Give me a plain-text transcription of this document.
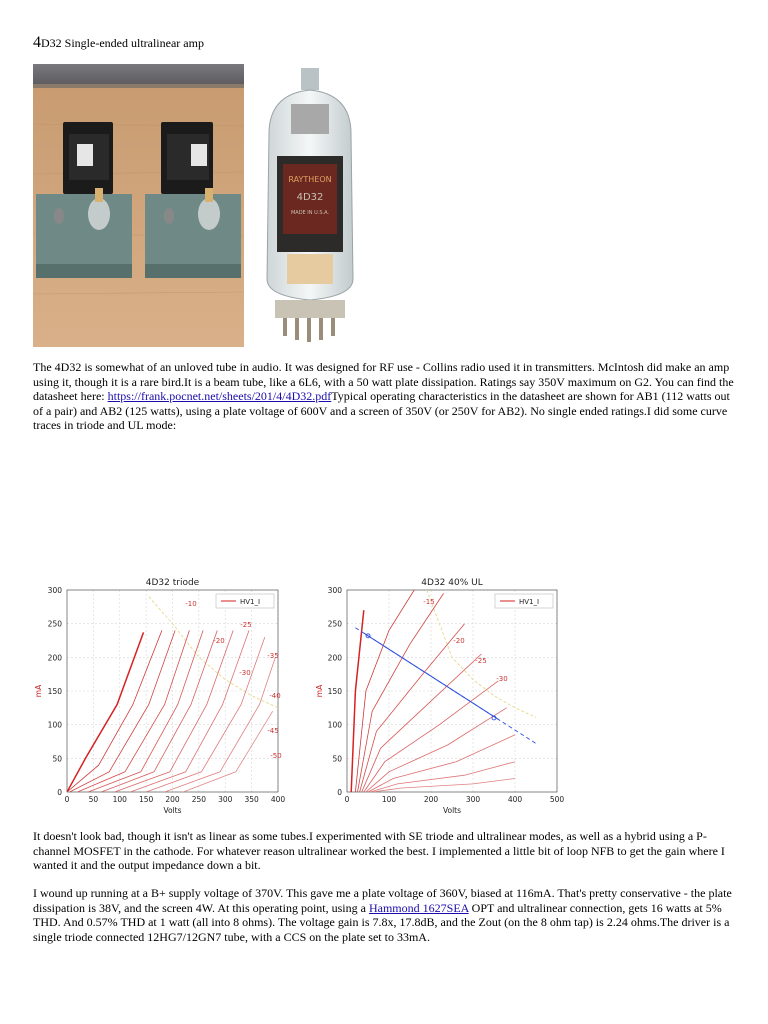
4D32 Single-ended ultralinear amp
RAYTHEON
4D32
MADE IN U.S.A.

The 4D32 is somewhat of an unloved tube in audio. It was designed for RF use - Collins radio used it in transmitters. McIntosh did make an amp using it, though it is a rare bird.It is a beam tube, like a 6L6, with a 50 watt plate dissipation. Ratings say 350V maximum on G2. You can find the datasheet here: https://frank.pocnet.net/sheets/201/4/4D32.pdfTypical operating characteristics in the datasheet are shown for AB1 (112 watts out of a pair) and AB2 (125 watts), using a plate voltage of 600V and a screen of 350V (or 250V for AB2). No single ended ratings.I did some curve traces in triode and UL mode:

4D32 triode
0	50 100 150 200 250 300 350 400
0
50
100
150
200
250
300
Volts
mA
-10
-25
-20
-35
-30
-40
-45
-50
HV1_I
4D32 40% UL
0	100	200	300	400	500
0
50
100
150
200
250
300
Volts
mA
-15
-20
-25
-30
HV1_I

It doesn't look bad, though it isn't as linear as some tubes.I experimented with SE triode and ultralinear modes, as well as a hybrid using a P-channel MOSFET in the cathode. For whatever reason ultralinear worked the best. I implemented a little bit of loop NFB to get the gain where I wanted it and the output impedance down a bit.

I wound up running at a B+ supply voltage of 370V. This gave me a plate voltage of 360V, biased at 116mA. That's pretty conservative - the plate dissipation is 38V, and the screen 4W. At this operating point, using a Hammond 1627SEA OPT and ultralinear connection, gets 16 watts at 5% THD. And 0.57% THD at 1 watt (all into 8 ohms). The voltage gain is 7.8x, 17.8dB, and the Zout (on the 8 ohm tap) is 2.24 ohms.The driver is a single triode connected 12HG7/12GN7 tube, with a CCS on the plate set to 33mA.
